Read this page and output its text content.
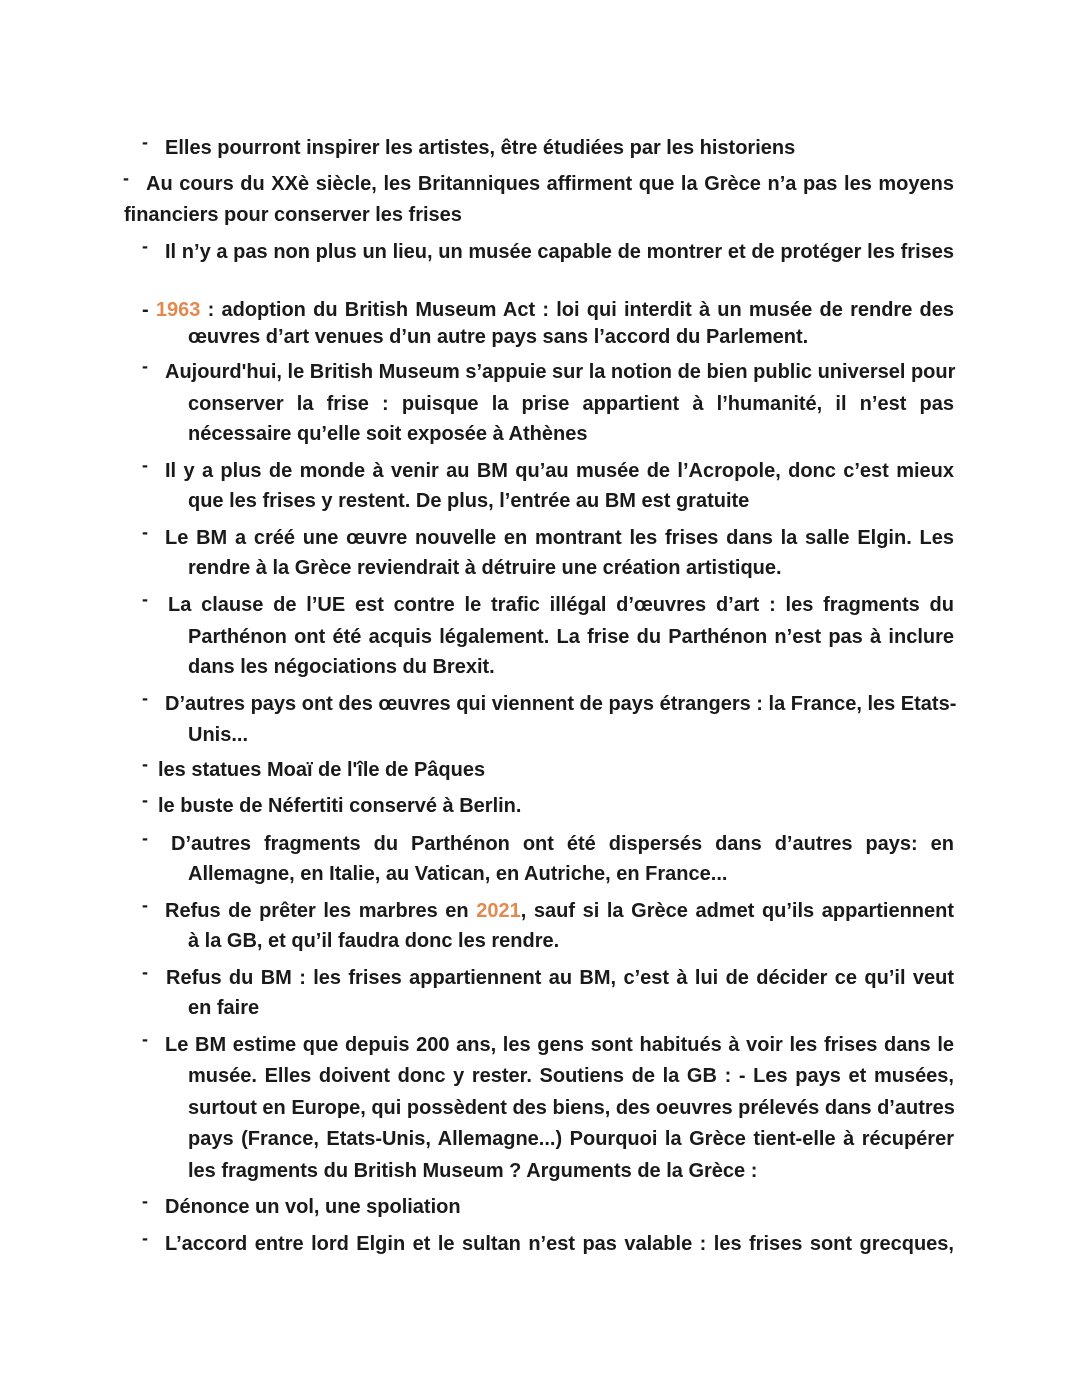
- Elles pourront inspirer les artistes, être étudiées par les historiens
- Au cours du XXè siècle, les Britanniques affirment que la Grèce n’a pas les moyens
financiers pour conserver les frises
- Il n’y a pas non plus un lieu, un musée capable de montrer et de protéger les frises
- 1963 : adoption du British Museum Act : loi qui interdit à un musée de rendre des
œuvres d’art venues d’un autre pays sans l’accord du Parlement.
- Aujourd'hui, le British Museum s’appuie sur la notion de bien public universel pour
conserver la frise : puisque la prise appartient à l’humanité, il n’est pas
nécessaire qu’elle soit exposée à Athènes
- Il y a plus de monde à venir au BM qu’au musée de l’Acropole, donc c’est mieux
que les frises y restent. De plus, l’entrée au BM est gratuite
- Le BM a créé une œuvre nouvelle en montrant les frises dans la salle Elgin. Les
rendre à la Grèce reviendrait à détruire une création artistique.
- La clause de l’UE est contre le trafic illégal d’œuvres d’art : les fragments du
Parthénon ont été acquis légalement. La frise du Parthénon n’est pas à inclure
dans les négociations du Brexit.
- D’autres pays ont des œuvres qui viennent de pays étrangers : la France, les Etats-
Unis...
- les statues Moaï de l'île de Pâques
- le buste de Néfertiti conservé à Berlin.
- D’autres fragments du Parthénon ont été dispersés dans d’autres pays: en
Allemagne, en Italie, au Vatican, en Autriche, en France...
- Refus de prêter les marbres en 2021, sauf si la Grèce admet qu’ils appartiennent
à la GB, et qu’il faudra donc les rendre.
- Refus du BM : les frises appartiennent au BM, c’est à lui de décider ce qu’il veut
en faire
- Le BM estime que depuis 200 ans, les gens sont habitués à voir les frises dans le
musée. Elles doivent donc y rester. Soutiens de la GB : - Les pays et musées,
surtout en Europe, qui possèdent des biens, des oeuvres prélevés dans d’autres
pays (France, Etats-Unis, Allemagne...) Pourquoi la Grèce tient-elle à récupérer
les fragments du British Museum ? Arguments de la Grèce :
- Dénonce un vol, une spoliation
- L’accord entre lord Elgin et le sultan n’est pas valable : les frises sont grecques,
